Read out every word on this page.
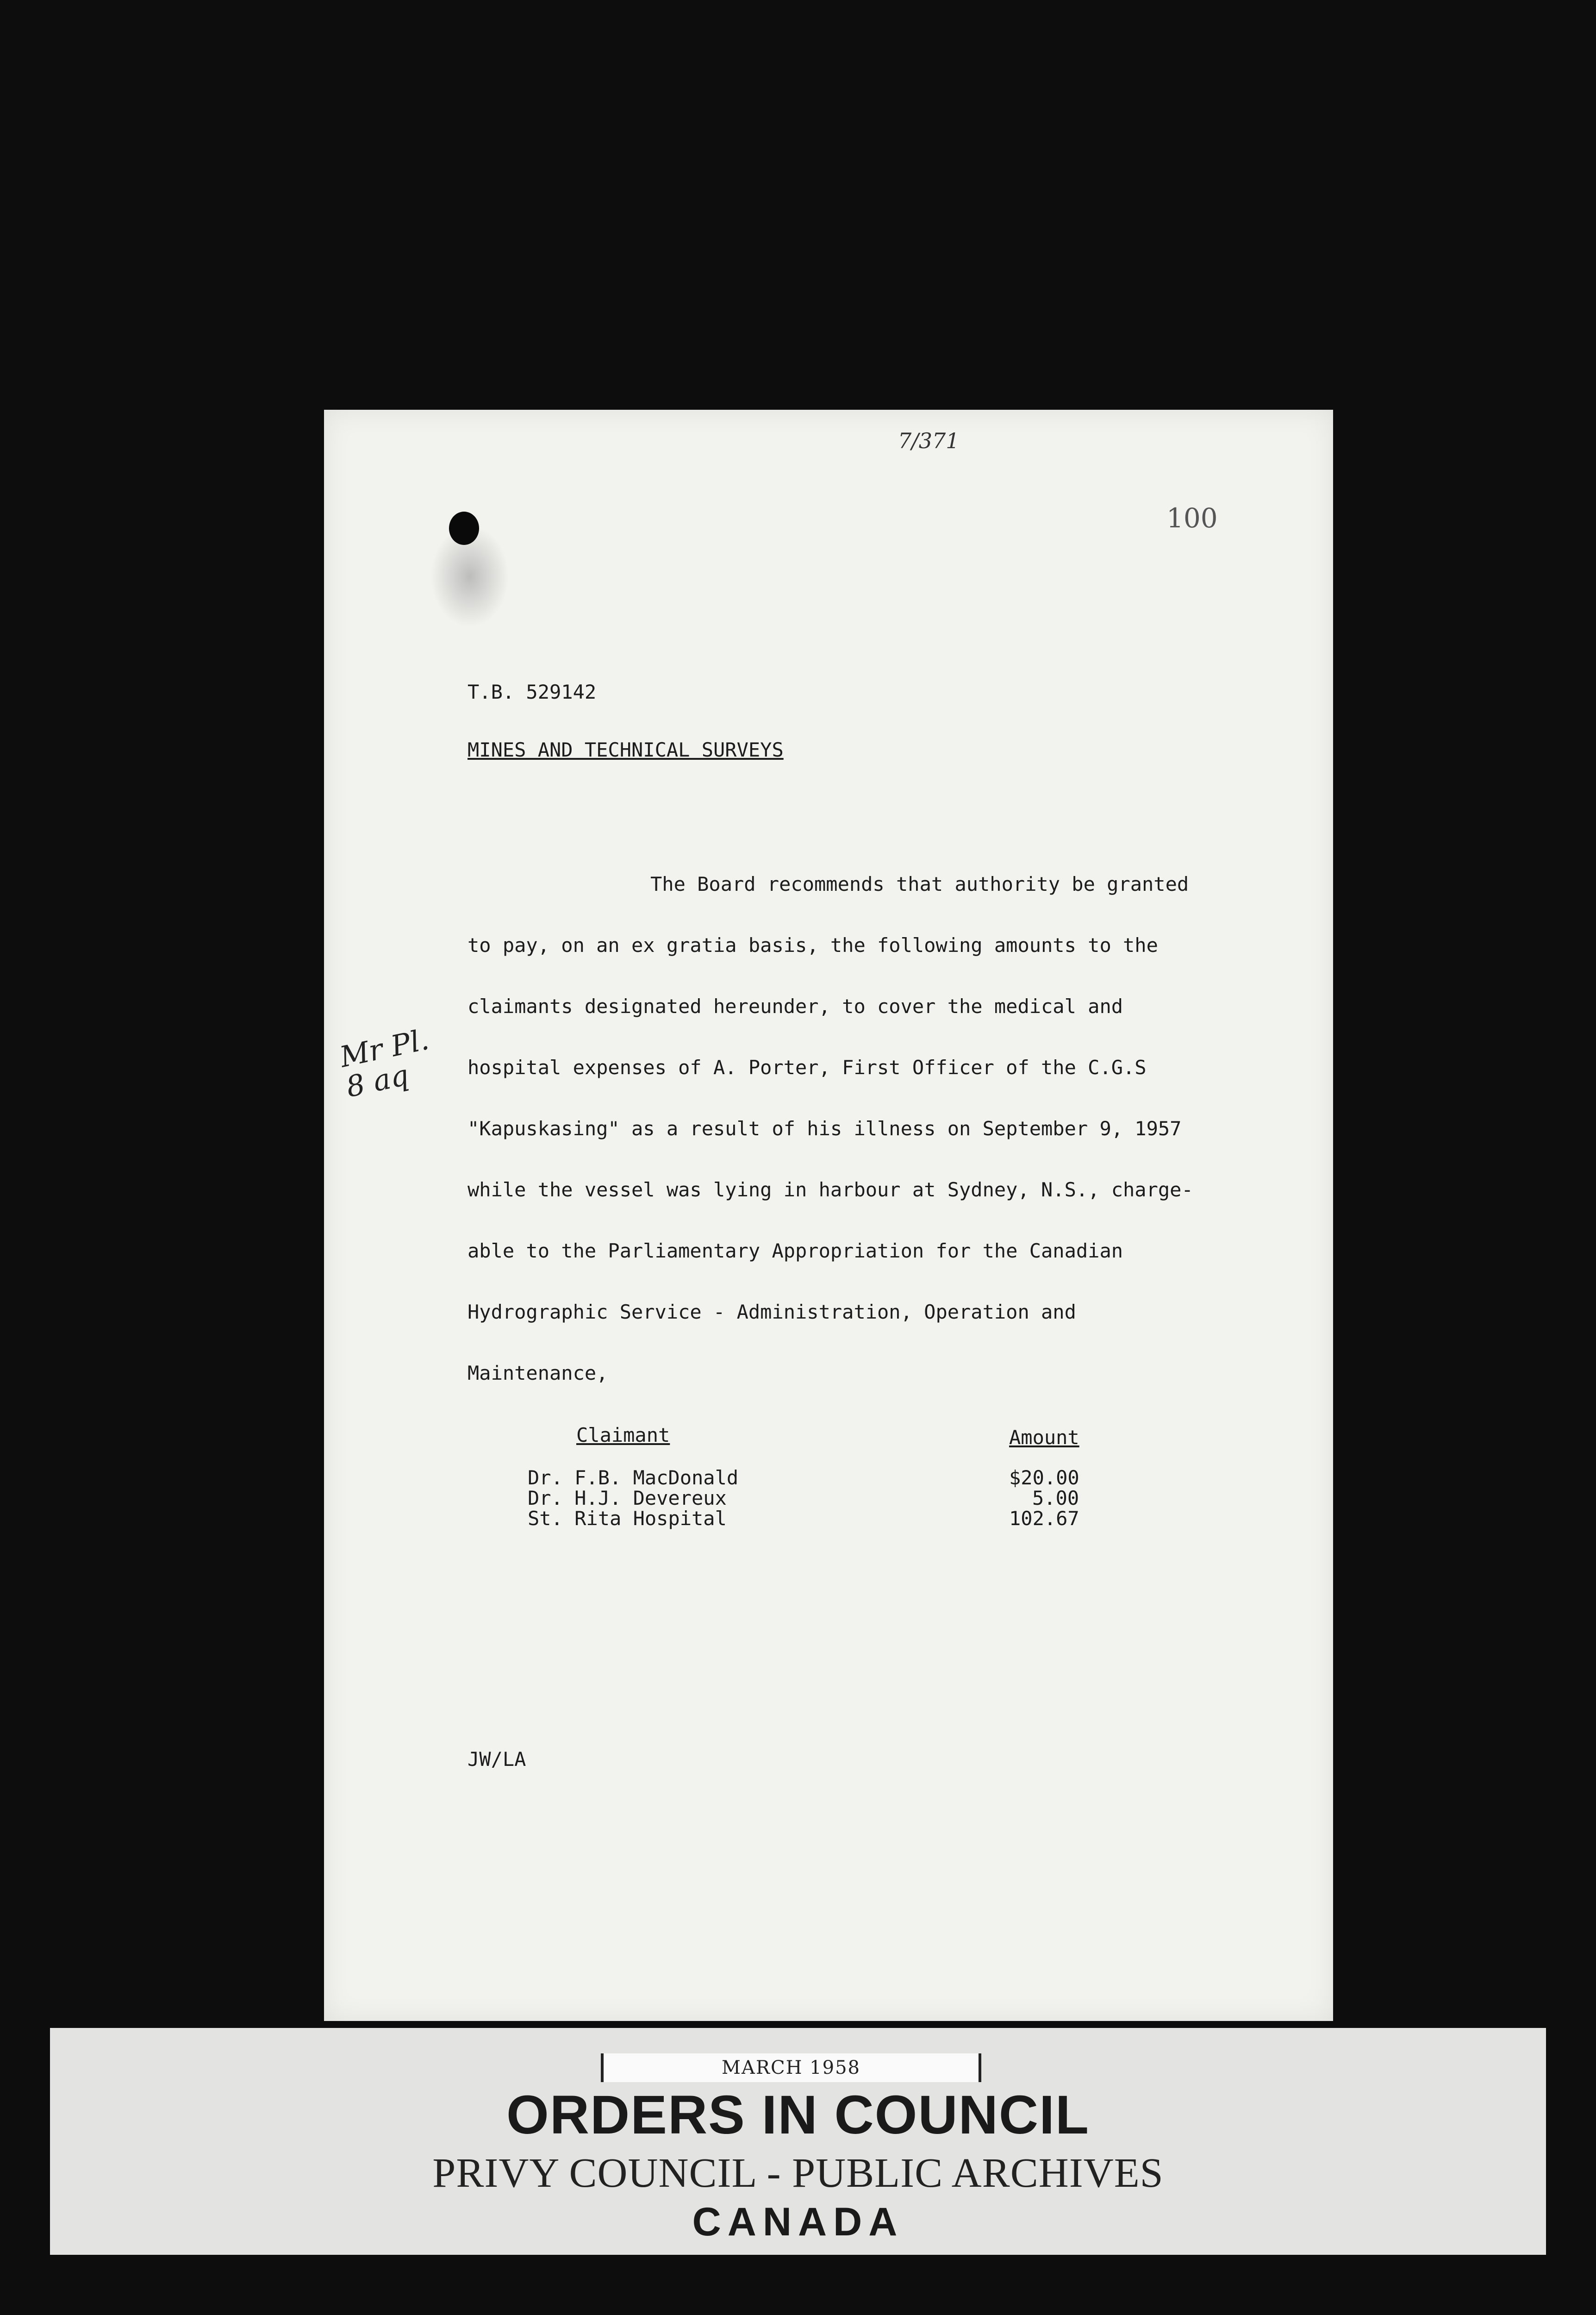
7/371
100
T.B. 529142
MINES AND TECHNICAL SURVEYS
The Board recommends that authority be granted
to pay, on an ex gratia basis, the following amounts to the
claimants designated hereunder, to cover the medical and
hospital expenses of A. Porter, First Officer of the C.G.S
"Kapuskasing" as a result of his illness on September 9, 1957
while the vessel was lying in harbour at Sydney, N.S., charge-
able to the Parliamentary Appropriation for the Canadian
Hydrographic Service - Administration, Operation and
Maintenance,
Mr Pl. 8 aq
Claimant	Amount
Dr. F.B. MacDonald	$20.00
Dr. H.J. Devereux	5.00
St. Rita Hospital	102.67
JW/LA
MARCH 1958
ORDERS IN COUNCIL
PRIVY COUNCIL - PUBLIC ARCHIVES
CANADA
